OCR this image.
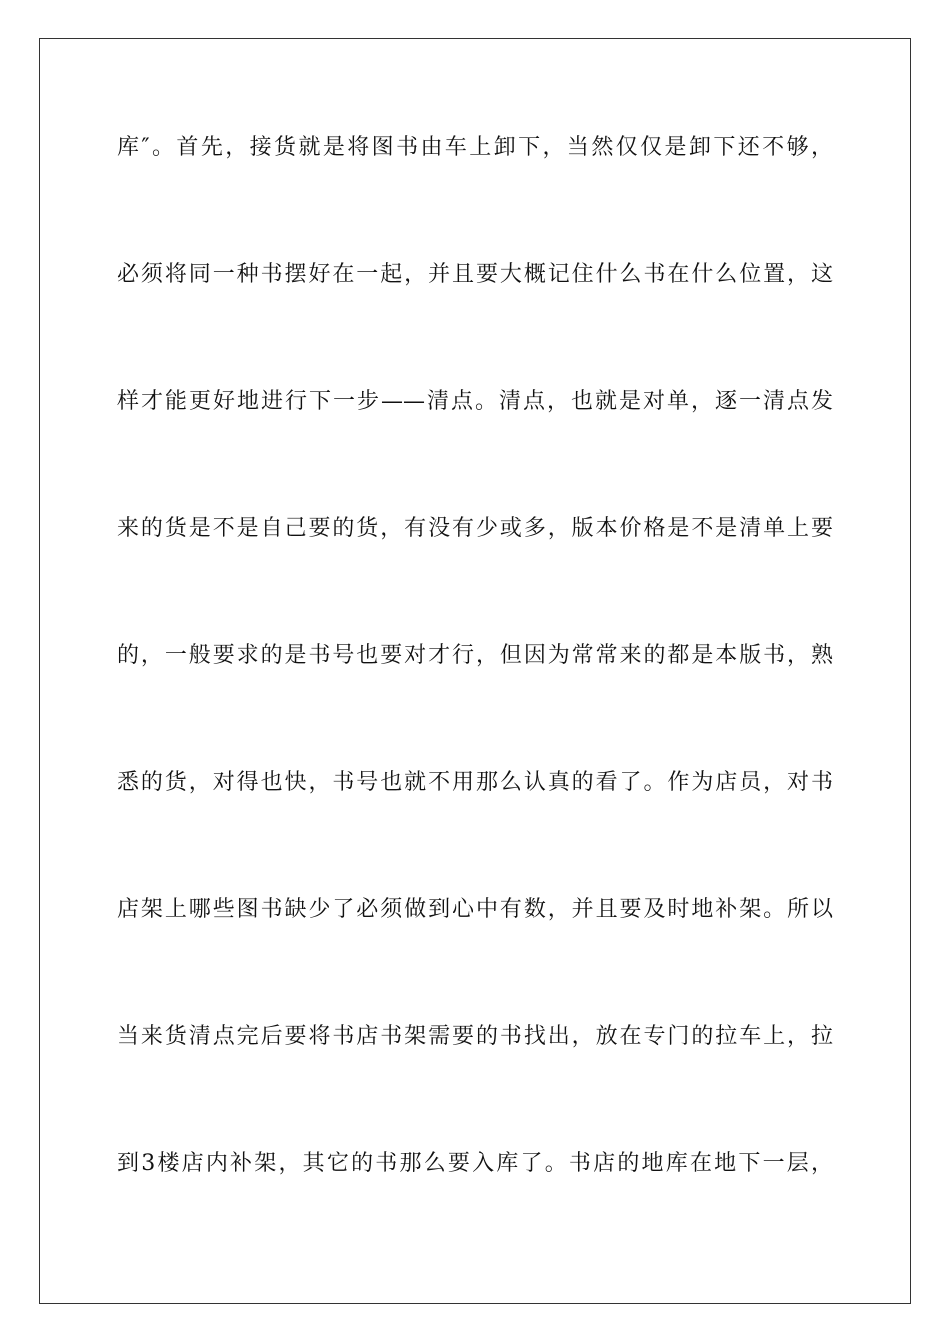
库″。首先，接货就是将图书由车上卸下，当然仅仅是卸下还不够，
必须将同一种书摆好在一起，并且要大概记住什么书在什么位置，这
样才能更好地进行下一步——清点。清点，也就是对单，逐一清点发
来的货是不是自己要的货，有没有少或多，版本价格是不是清单上要
的，一般要求的是书号也要对才行，但因为常常来的都是本版书，熟
悉的货，对得也快，书号也就不用那么认真的看了。作为店员，对书
店架上哪些图书缺少了必须做到心中有数，并且要及时地补架。所以
当来货清点完后要将书店书架需要的书找出，放在专门的拉车上，拉
到3楼店内补架，其它的书那么要入库了。书店的地库在地下一层，
